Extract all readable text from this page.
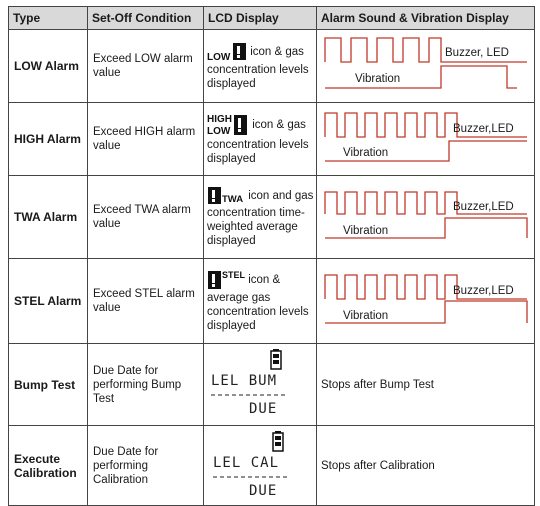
Type	Set-Off Condition	LCD Display	Alarm Sound & Vibration Display
LOW Alarm	Exceed LOW alarm value	LOW icon & gas concentration levels displayed	Buzzer, LED
Vibration

HIGH Alarm	Exceed HIGH alarm value	HIGH
LOW
icon & gas concentration levels displayed	Buzzer,LED
Vibration

TWA Alarm	Exceed TWA alarm value	TWA icon and gas concentration time-weighted average displayed	Buzzer,LED
Vibration

STEL Alarm	Exceed STEL alarm value	STEL icon & average gas concentration levels displayed	Buzzer,LED
Vibration

Bump Test	Due Date for performing Bump Test	LEL BUM
DUE	Stops after Bump Test
Execute Calibration	Due Date for performing Calibration	LEL CAL
DUE	Stops after Calibration
